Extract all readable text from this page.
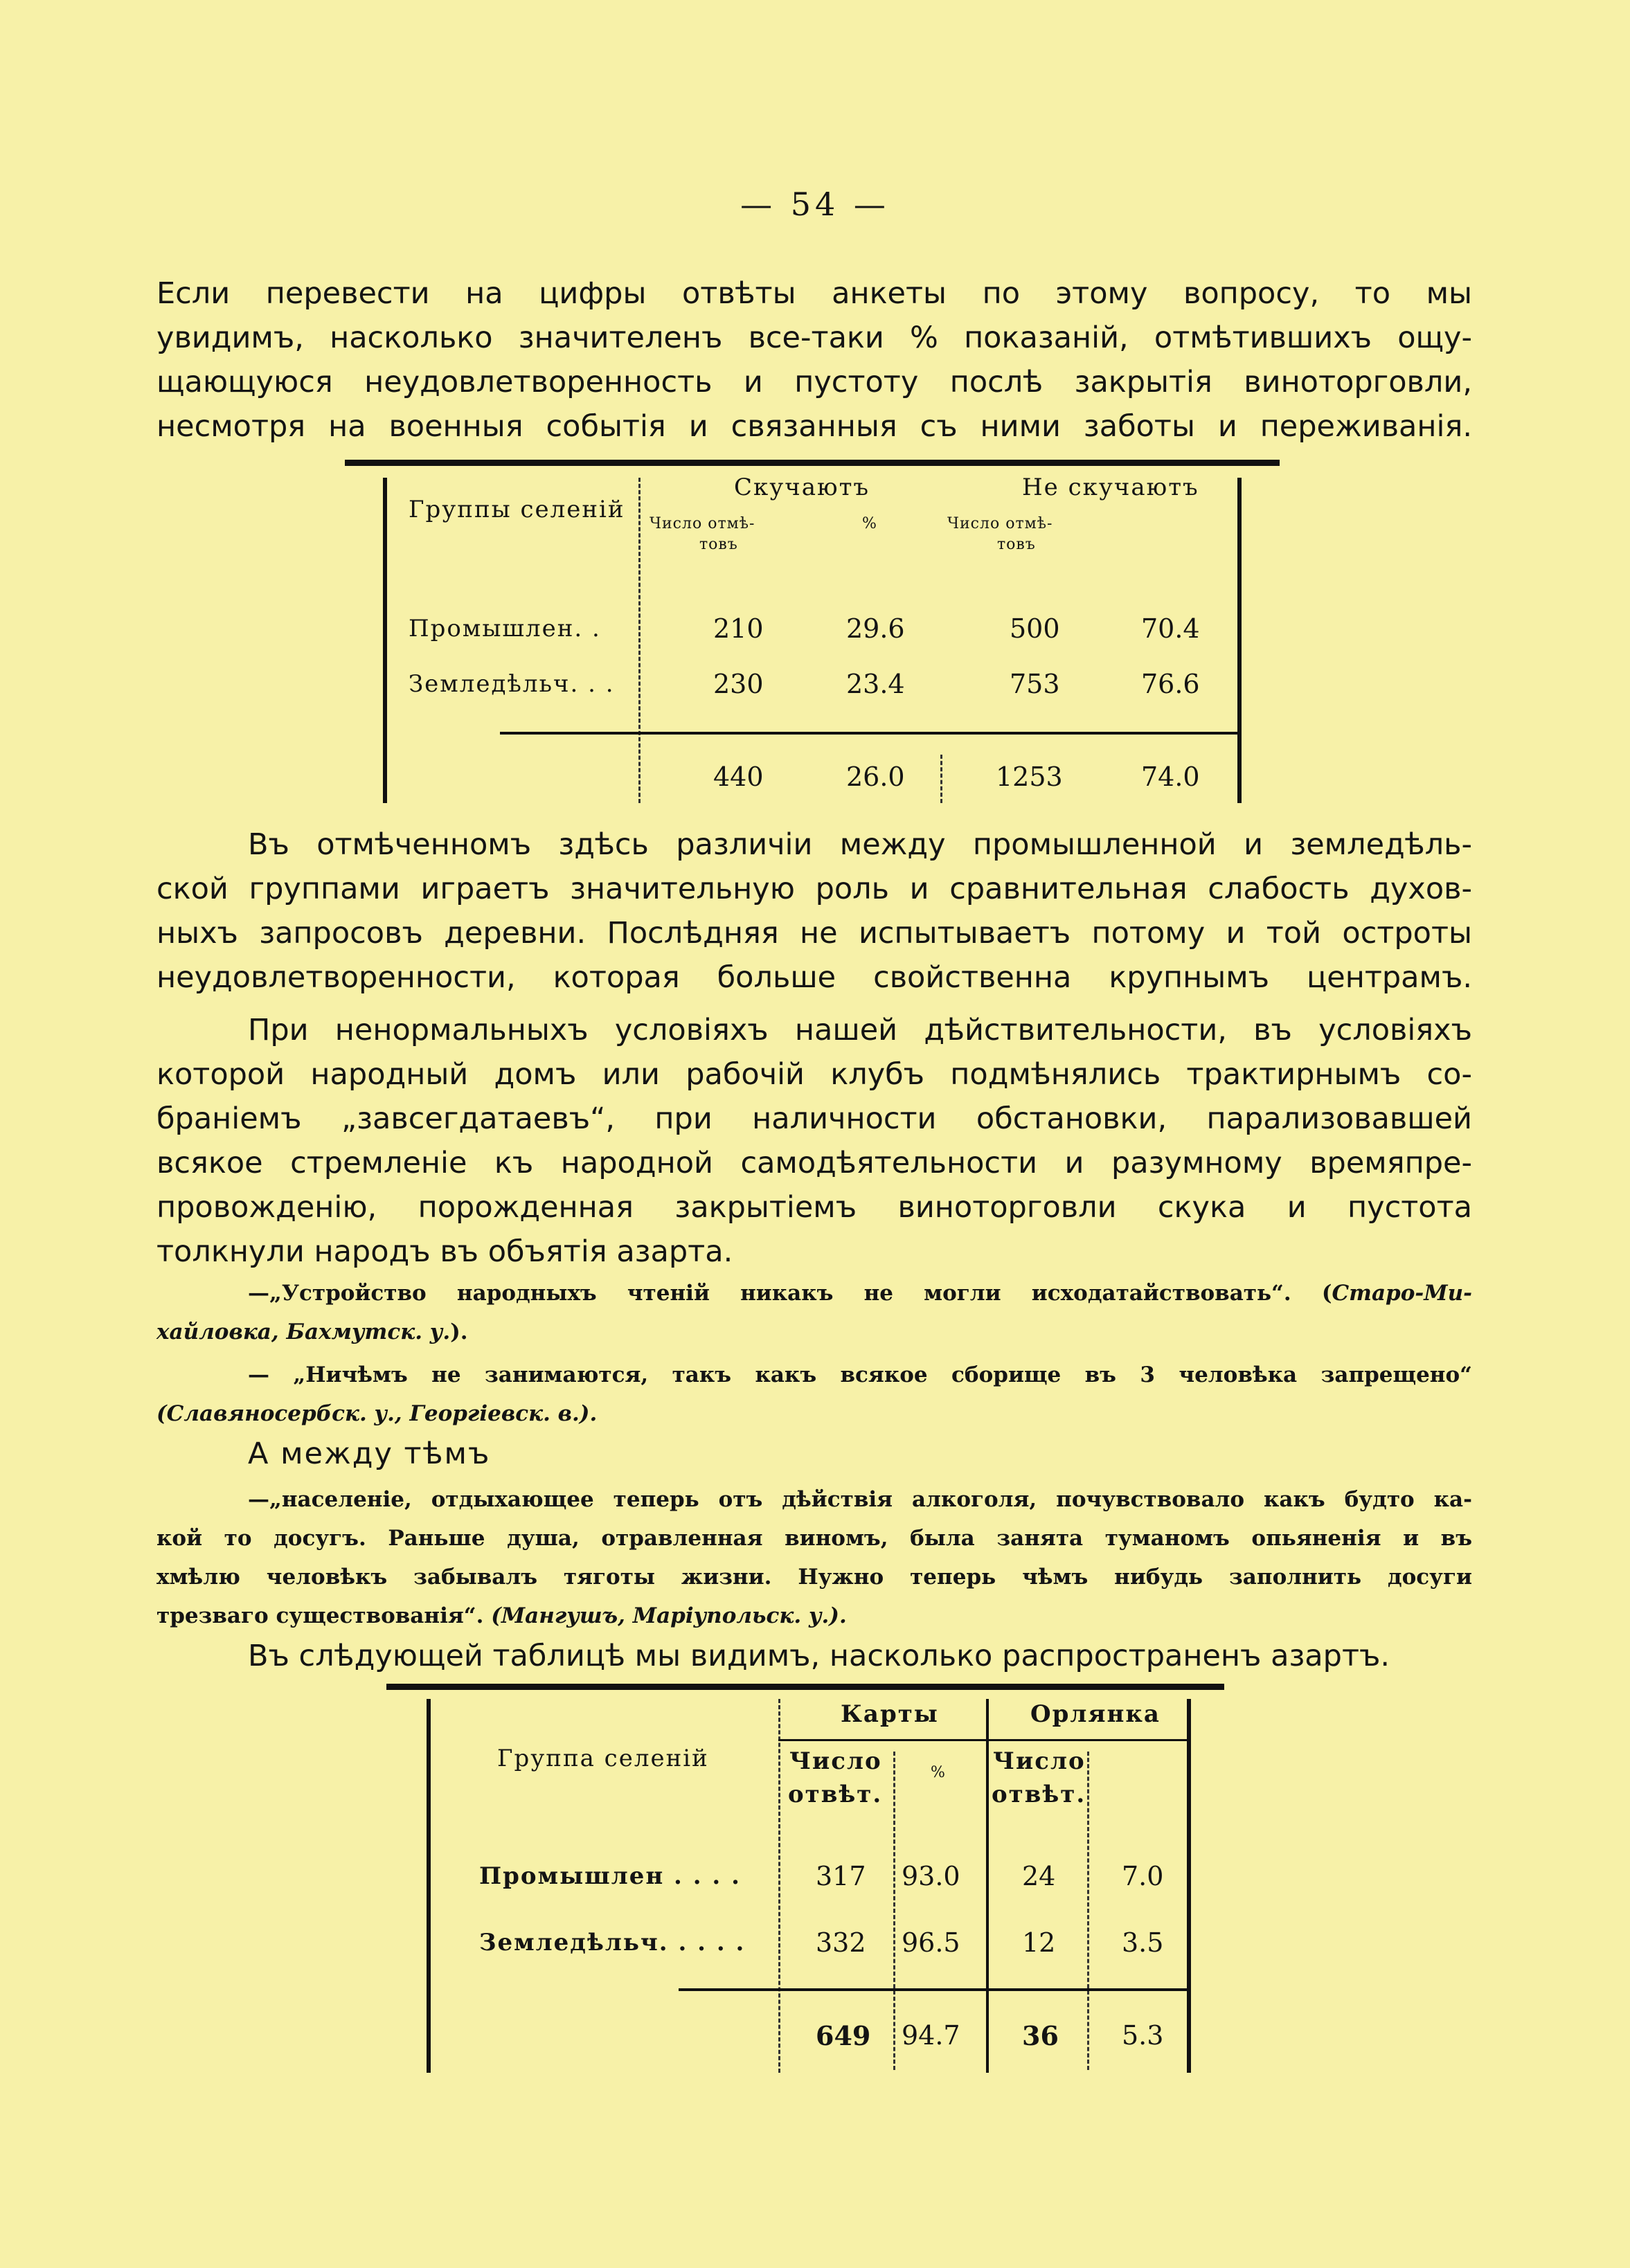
— 54 —
Если перевести на цифры отвѣты анкеты по этому вопросу, то мы
увидимъ, насколько значителенъ все-таки % показаній, отмѣтившихъ ощу-
щающуюся неудовлетворенность и пустоту послѣ закрытія виноторговли,
несмотря на военныя событія и связанныя съ ними заботы и переживанія.
Группы селеній
Скучаютъ	Не скучаютъ
Число отмѣ-
товъ
%	Число отмѣ-
товъ
Промышлен. .	210	29.6	500	70.4
Земледѣльч. . .	230	23.4	753	76.6
440	26.0	1253	74.0
Въ отмѣченномъ здѣсь различіи между промышленной и земледѣль-
ской группами играетъ значительную роль и сравнительная слабость духов-
ныхъ запросовъ деревни. Послѣдняя не испытываетъ потому и той остроты
неудовлетворенности, которая больше свойственна крупнымъ центрамъ.
При ненормальныхъ условіяхъ нашей дѣйствительности, въ условіяхъ
которой народный домъ или рабочій клубъ подмѣнялись трактирнымъ со-
браніемъ „завсегдатаевъ“, при наличности обстановки, парализовавшей
всякое стремленіе къ народной самодѣятельности и разумному времяпре-
провожденію, порожденная закрытіемъ виноторговли скука и пустота
толкнули народъ въ объятія азарта.
—„Устройство народныхъ чтеній никакъ не могли исходатайствовать“. (Старо-Ми-
хайловка, Бахмутск. у.).
— „Ничѣмъ не занимаются, такъ какъ всякое сборище въ 3 человѣка запрещено“
(Славяносербск. у., Георгіевск. в.).
А между тѣмъ
—„населеніе, отдыхающее теперь отъ дѣйствія алкоголя, почувствовало какъ будто ка-
кой то досугъ. Раньше душа, отравленная виномъ, была занята туманомъ опьяненія и въ
хмѣлю человѣкъ забывалъ тяготы жизни. Нужно теперь чѣмъ нибудь заполнить досуги
трезваго существованія“. (Мангушъ, Маріупольск. у.).
Въ слѣдующей таблицѣ мы видимъ, насколько распространенъ азартъ.
Группа селеній
Карты	Орлянка
Число
отвѣт.
% Число
отвѣт.
Промышлен . . . .	317 93.0 24	7.0
Земледѣльч. . . . .	332 96.5 12	3.5
649 94.7 36 5.3
